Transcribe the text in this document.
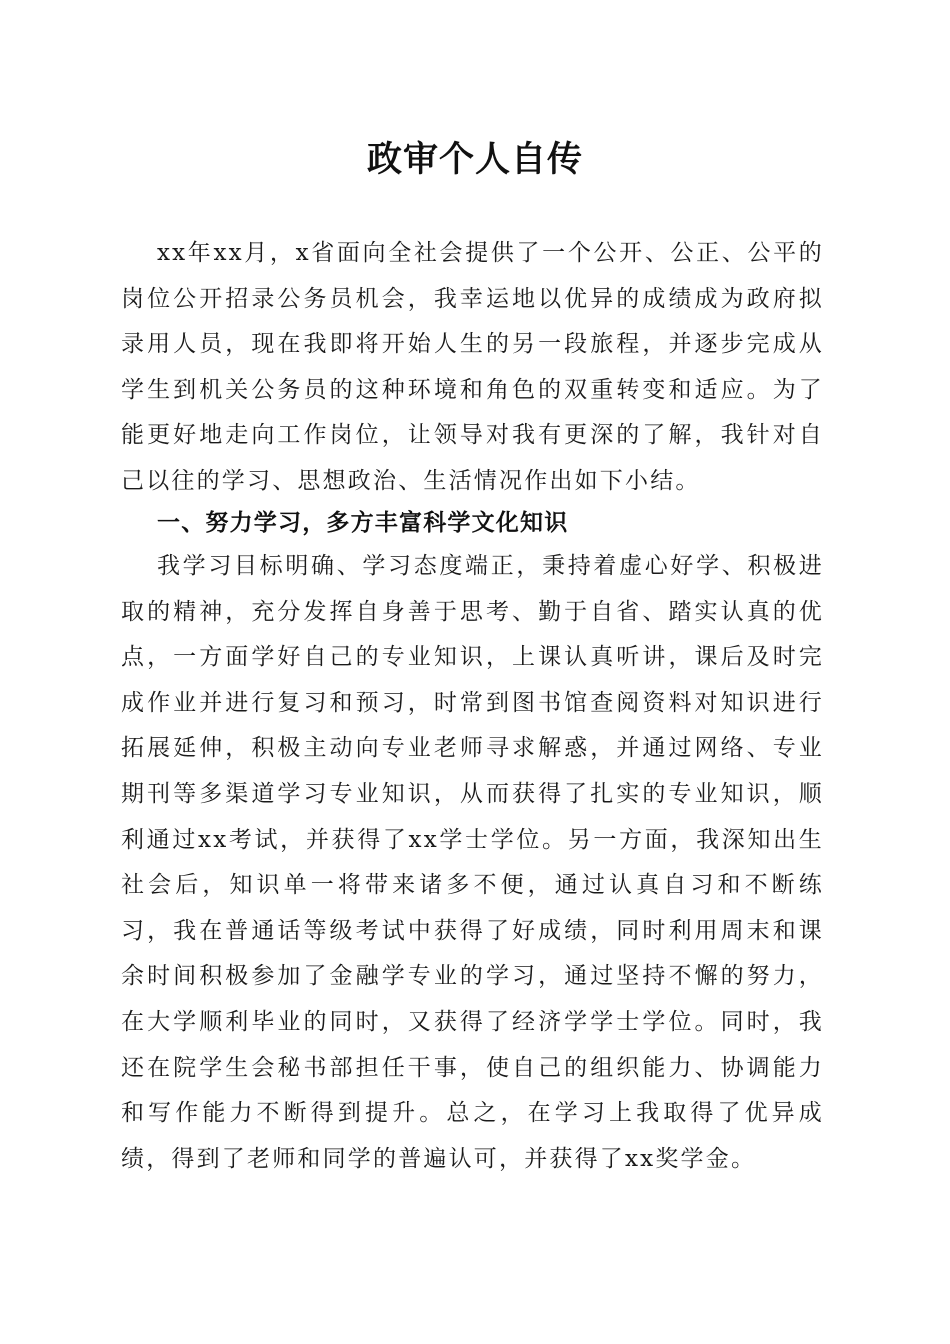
政审个人自传

xx年xx月，x省面向全社会提供了一个公开、公正、公平的岗位公开招录公务员机会，我幸运地以优异的成绩成为政府拟录用人员，现在我即将开始人生的另一段旅程，并逐步完成从学生到机关公务员的这种环境和角色的双重转变和适应。为了能更好地走向工作岗位，让领导对我有更深的了解，我针对自己以往的学习、思想政治、生活情况作出如下小结。

一、努力学习，多方丰富科学文化知识

我学习目标明确、学习态度端正，秉持着虚心好学、积极进取的精神，充分发挥自身善于思考、勤于自省、踏实认真的优点，一方面学好自己的专业知识，上课认真听讲，课后及时完成作业并进行复习和预习，时常到图书馆查阅资料对知识进行拓展延伸，积极主动向专业老师寻求解惑，并通过网络、专业期刊等多渠道学习专业知识，从而获得了扎实的专业知识，顺利通过xx考试，并获得了xx学士学位。另一方面，我深知出生社会后，知识单一将带来诸多不便，通过认真自习和不断练习，我在普通话等级考试中获得了好成绩，同时利用周末和课余时间积极参加了金融学专业的学习，通过坚持不懈的努力，在大学顺利毕业的同时，又获得了经济学学士学位。同时，我还在院学生会秘书部担任干事，使自己的组织能力、协调能力和写作能力不断得到提升。总之，在学习上我取得了优异成绩，得到了老师和同学的普遍认可，并获得了xx奖学金。
